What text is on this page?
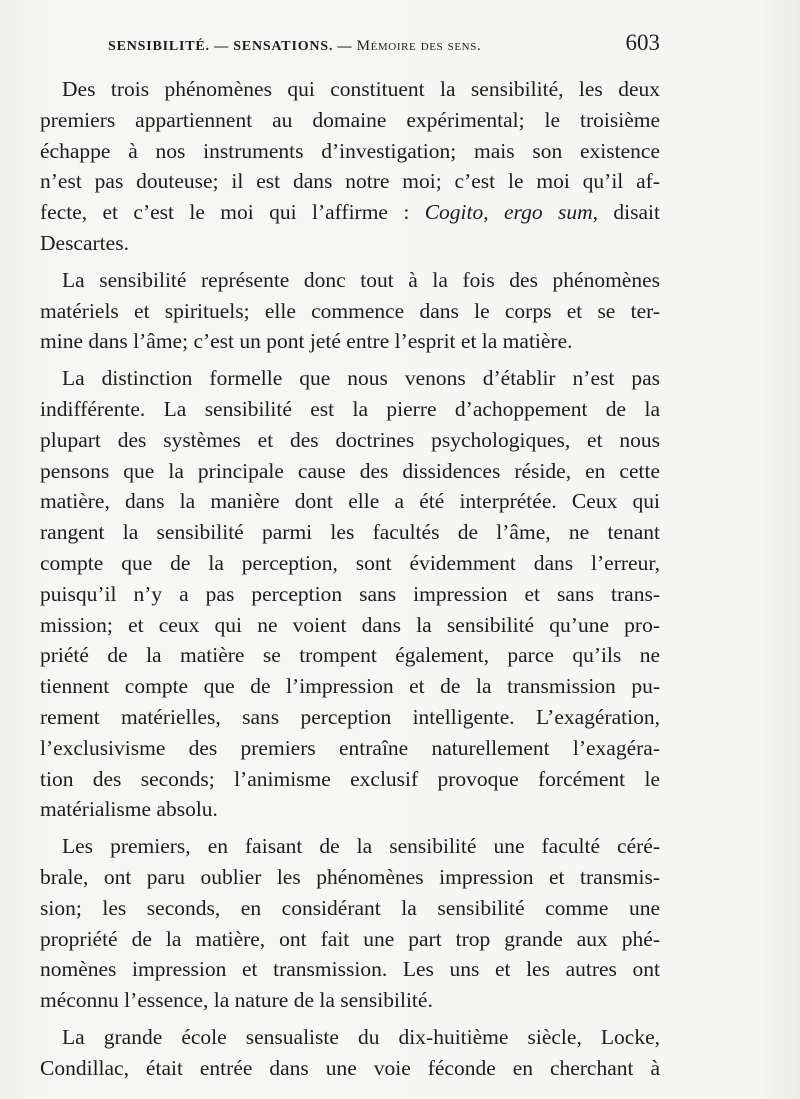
SENSIBILITÉ. — SENSATIONS. — Mémoire des sens.	603
Des trois phénomènes qui constituent la sensibilité, les deux
premiers appartiennent au domaine expérimental; le troisième
échappe à nos instruments d’investigation; mais son existence
n’est pas douteuse; il est dans notre moi; c’est le moi qu’il af-
fecte, et c’est le moi qui l’affirme : Cogito, ergo sum, disait
Descartes.
La sensibilité représente donc tout à la fois des phénomènes
matériels et spirituels; elle commence dans le corps et se ter-
mine dans l’âme; c’est un pont jeté entre l’esprit et la matière.
La distinction formelle que nous venons d’établir n’est pas
indifférente. La sensibilité est la pierre d’achoppement de la
plupart des systèmes et des doctrines psychologiques, et nous
pensons que la principale cause des dissidences réside, en cette
matière, dans la manière dont elle a été interprétée. Ceux qui
rangent la sensibilité parmi les facultés de l’âme, ne tenant
compte que de la perception, sont évidemment dans l’erreur,
puisqu’il n’y a pas perception sans impression et sans trans-
mission; et ceux qui ne voient dans la sensibilité qu’une pro-
priété de la matière se trompent également, parce qu’ils ne
tiennent compte que de l’impression et de la transmission pu-
rement matérielles, sans perception intelligente. L’exagération,
l’exclusivisme des premiers entraîne naturellement l’exagéra-
tion des seconds; l’animisme exclusif provoque forcément le
matérialisme absolu.
Les premiers, en faisant de la sensibilité une faculté céré-
brale, ont paru oublier les phénomènes impression et transmis-
sion; les seconds, en considérant la sensibilité comme une
propriété de la matière, ont fait une part trop grande aux phé-
nomènes impression et transmission. Les uns et les autres ont
méconnu l’essence, la nature de la sensibilité.
La grande école sensualiste du dix-huitième siècle, Locke,
Condillac, était entrée dans une voie féconde en cherchant à
